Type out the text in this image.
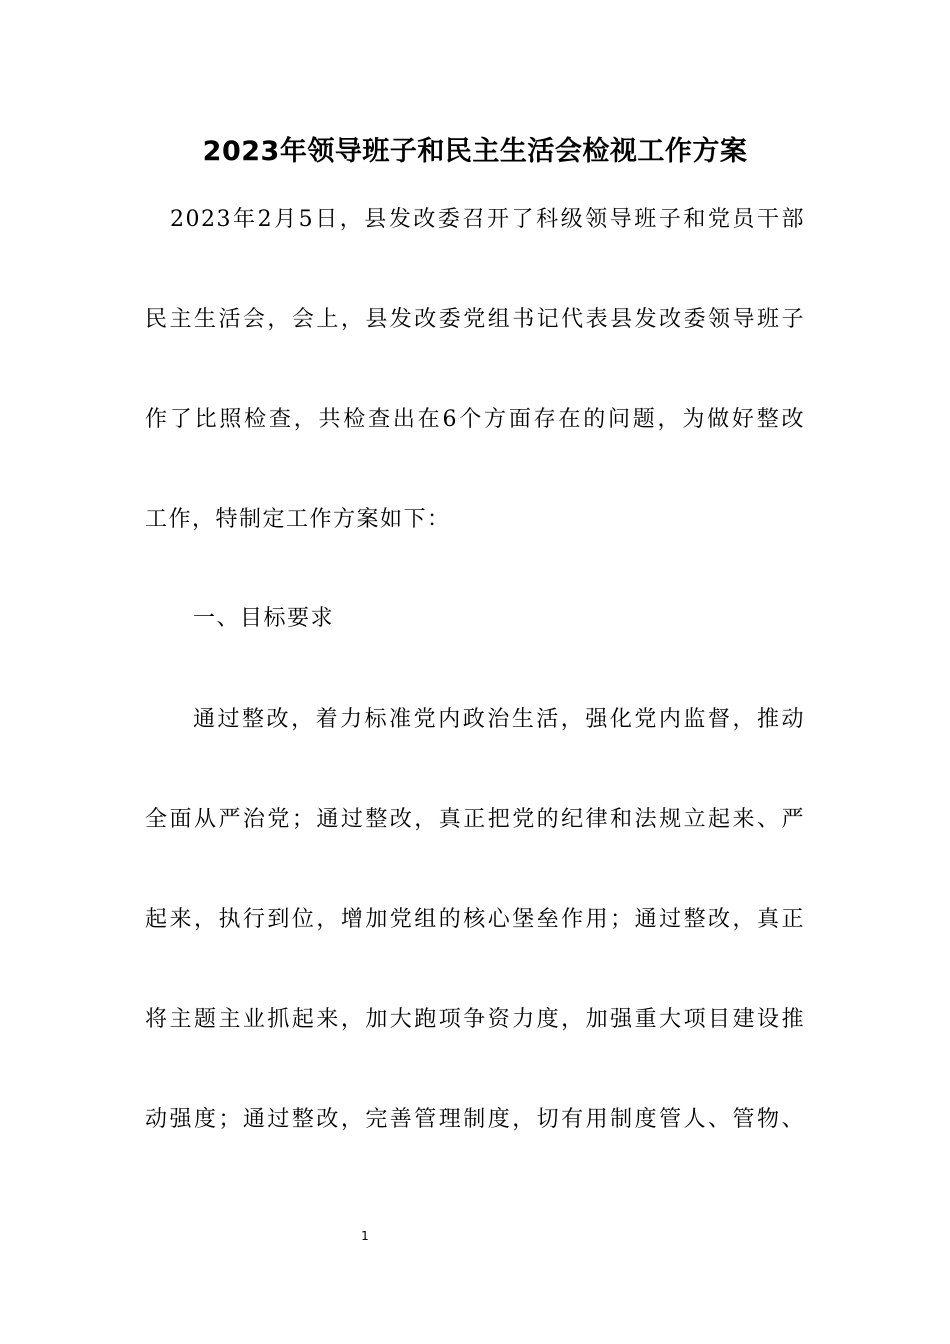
2023年领导班子和民主生活会检视工作方案
2023年2月5日，县发改委召开了科级领导班子和党员干部
民主生活会，会上，县发改委党组书记代表县发改委领导班子
作了比照检查，共检查出在6个方面存在的问题，为做好整改
工作，特制定工作方案如下：
一、目标要求
通过整改，着力标准党内政治生活，强化党内监督，推动
全面从严治党；通过整改，真正把党的纪律和法规立起来、严
起来，执行到位，增加党组的核心堡垒作用；通过整改，真正
将主题主业抓起来，加大跑项争资力度，加强重大项目建设推
动强度；通过整改，完善管理制度，切有用制度管人、管物、
1
